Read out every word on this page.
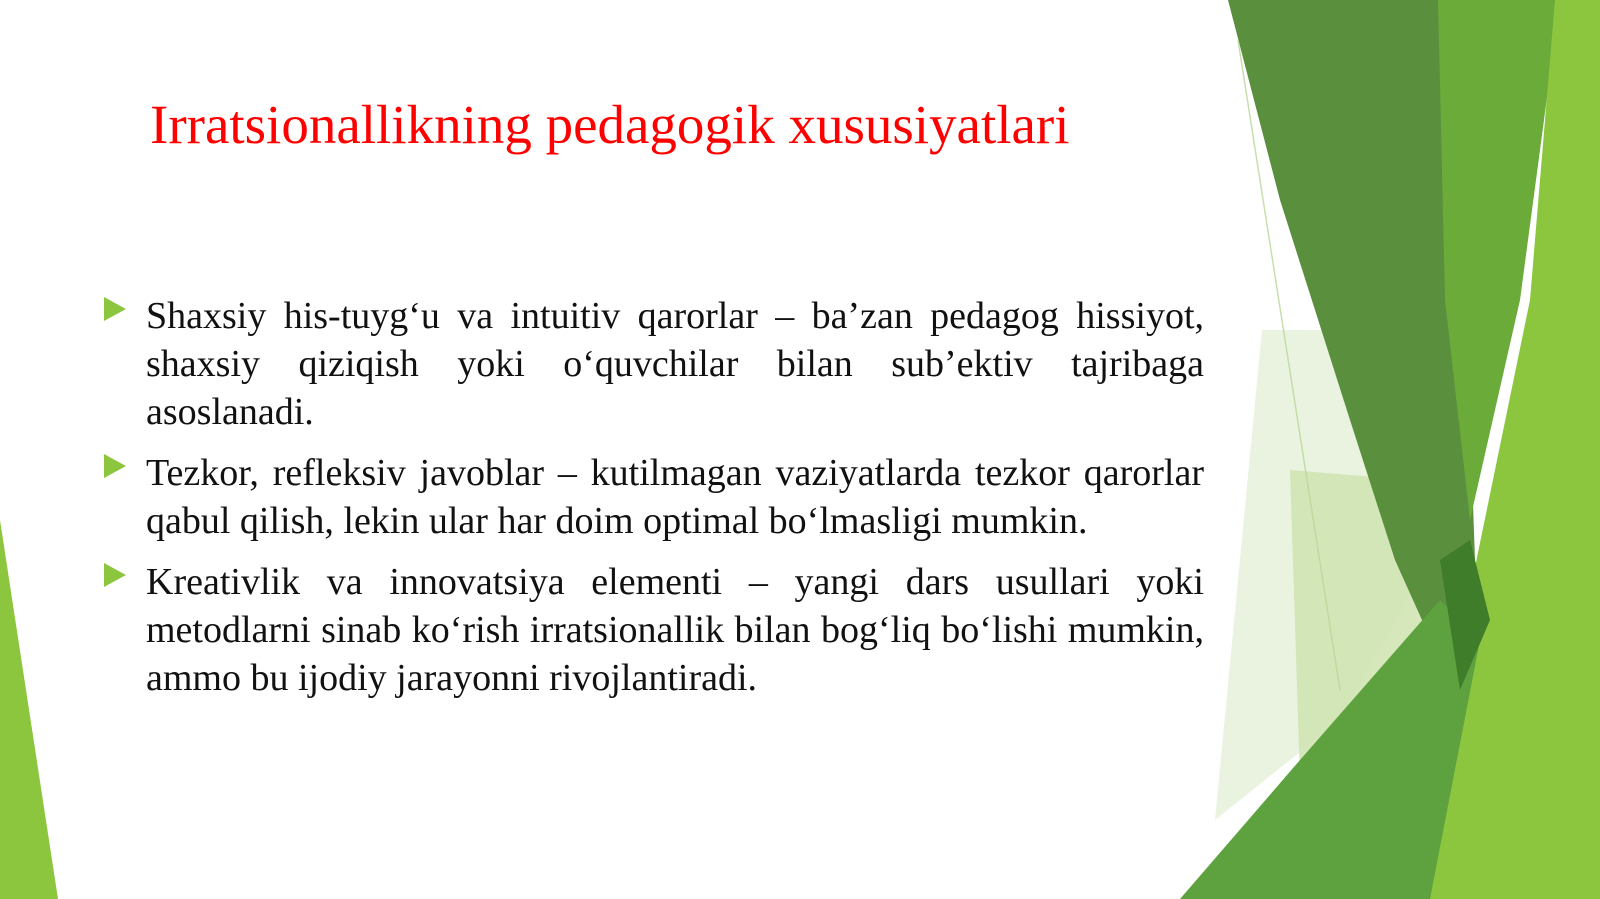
Irratsionallikning pedagogik xususiyatlari
Shaxsiy his-tuyg‘u va intuitiv qarorlar – ba’zan pedagog hissiyot, shaxsiy qiziqish yoki o‘quvchilar bilan sub’ektiv tajribaga asoslanadi.
Tezkor, refleksiv javoblar – kutilmagan vaziyatlarda tezkor qarorlar qabul qilish, lekin ular har doim optimal bo‘lmasligi mumkin.
Kreativlik va innovatsiya elementi – yangi dars usullari yoki metodlarni sinab ko‘rish irratsionallik bilan bog‘liq bo‘lishi mumkin, ammo bu ijodiy jarayonni rivojlantiradi.
